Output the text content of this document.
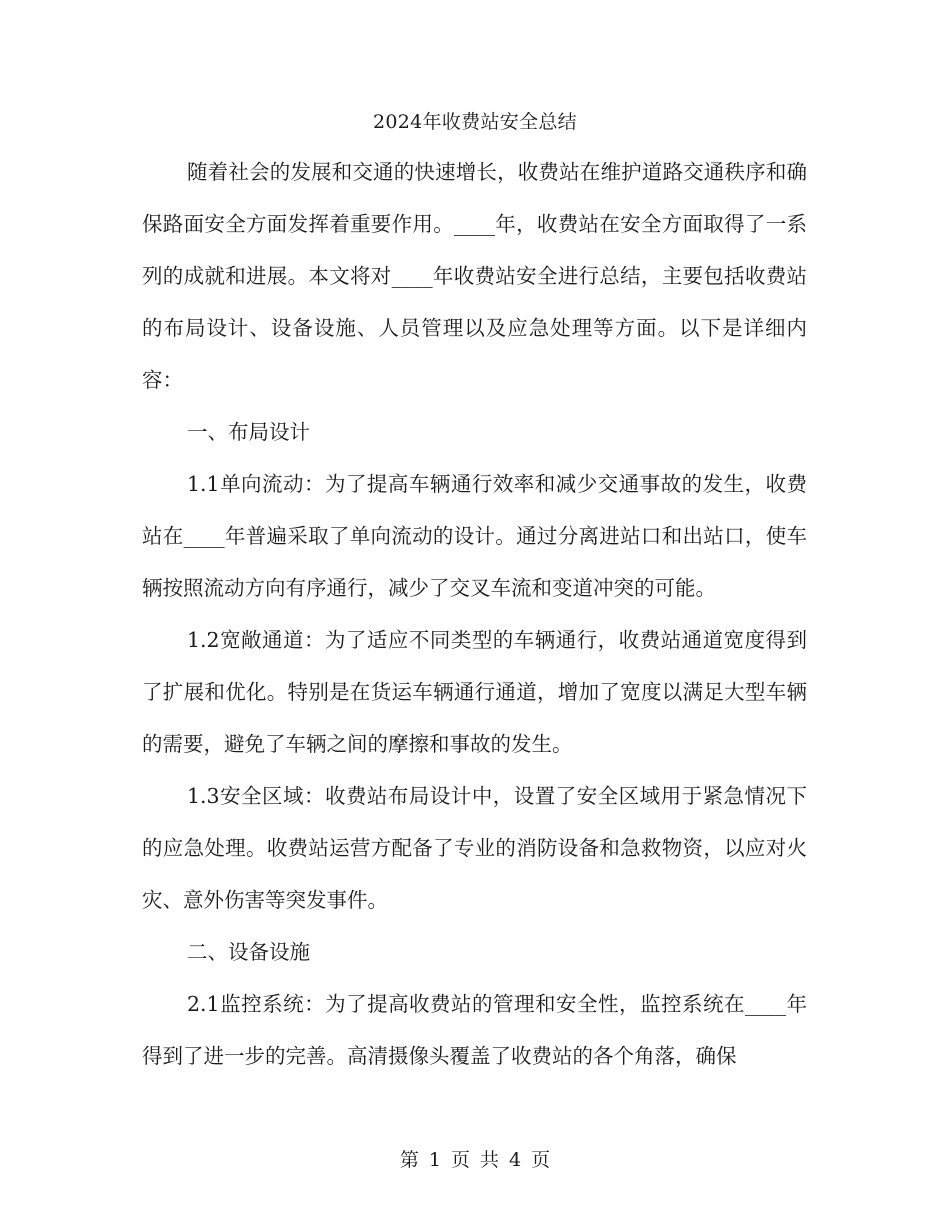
2024年收费站安全总结

随着社会的发展和交通的快速增长，收费站在维护道路交通秩序和确保路面安全方面发挥着重要作用。____年，收费站在安全方面取得了一系列的成就和进展。本文将对____年收费站安全进行总结，主要包括收费站的布局设计、设备设施、人员管理以及应急处理等方面。以下是详细内容：

一、布局设计

1.1单向流动：为了提高车辆通行效率和减少交通事故的发生，收费站在____年普遍采取了单向流动的设计。通过分离进站口和出站口，使车辆按照流动方向有序通行，减少了交叉车流和变道冲突的可能。

1.2宽敞通道：为了适应不同类型的车辆通行，收费站通道宽度得到了扩展和优化。特别是在货运车辆通行通道，增加了宽度以满足大型车辆的需要，避免了车辆之间的摩擦和事故的发生。

1.3安全区域：收费站布局设计中，设置了安全区域用于紧急情况下的应急处理。收费站运营方配备了专业的消防设备和急救物资，以应对火灾、意外伤害等突发事件。

二、设备设施

2.1监控系统：为了提高收费站的管理和安全性，监控系统在____年得到了进一步的完善。高清摄像头覆盖了收费站的各个角落，确保

第 1 页 共 4 页
